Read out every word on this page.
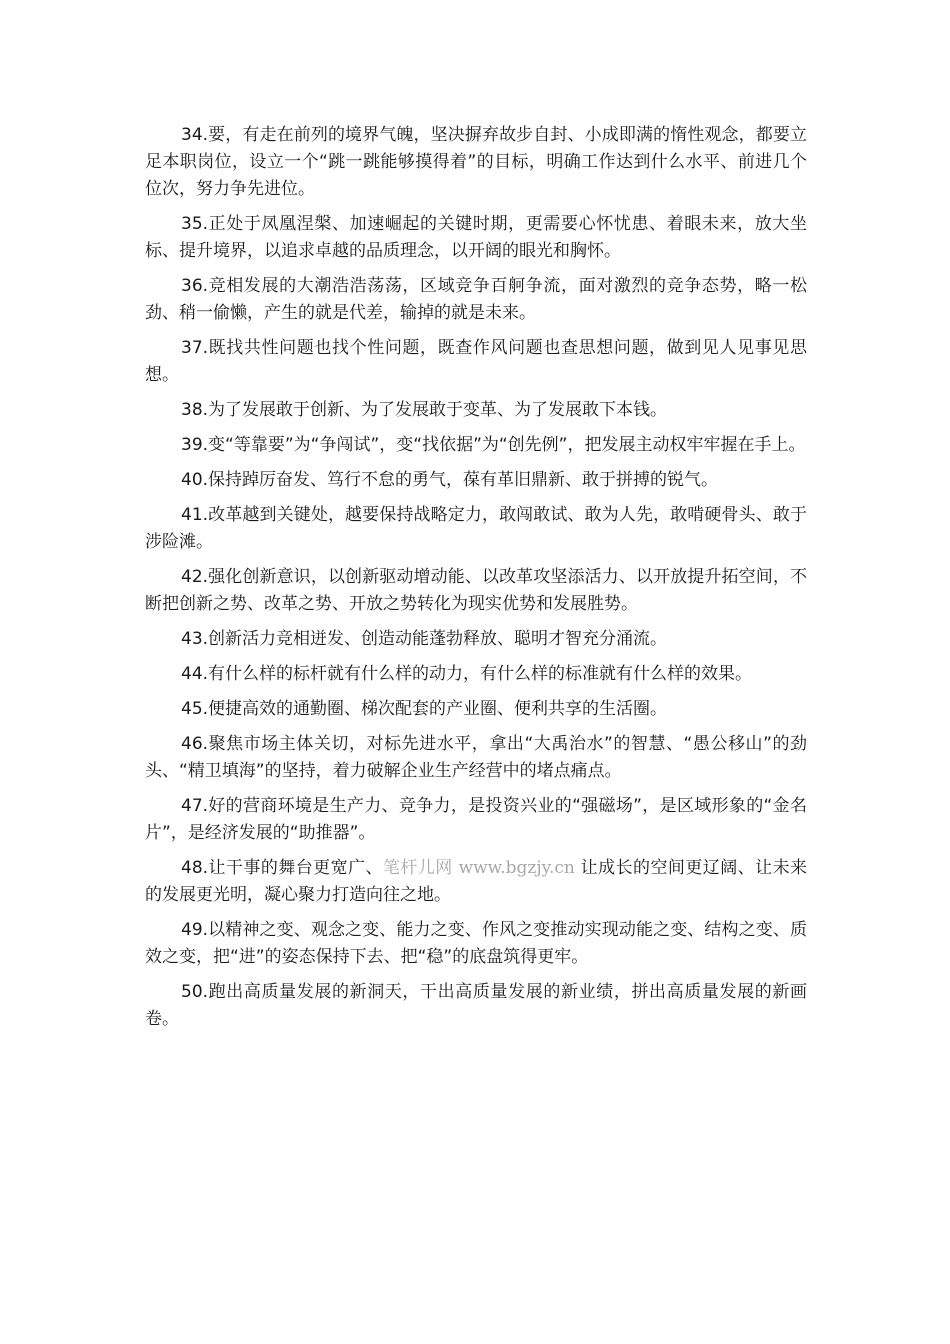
34.要，有走在前列的境界气魄，坚决摒弃故步自封、小成即满的惰性观念，都要立足本职岗位，设立一个“跳一跳能够摸得着”的目标，明确工作达到什么水平、前进几个位次，努力争先进位。

35.正处于凤凰涅槃、加速崛起的关键时期，更需要心怀忧患、着眼未来，放大坐标、提升境界，以追求卓越的品质理念，以开阔的眼光和胸怀。

36.竞相发展的大潮浩浩荡荡，区域竞争百舸争流，面对激烈的竞争态势，略一松劲、稍一偷懒，产生的就是代差，输掉的就是未来。

37.既找共性问题也找个性问题，既查作风问题也查思想问题，做到见人见事见思想。

38.为了发展敢于创新、为了发展敢于变革、为了发展敢下本钱。

39.变“等靠要”为“争闯试”，变“找依据”为“创先例”，把发展主动权牢牢握在手上。

40.保持踔厉奋发、笃行不怠的勇气，葆有革旧鼎新、敢于拼搏的锐气。

41.改革越到关键处，越要保持战略定力，敢闯敢试、敢为人先，敢啃硬骨头、敢于涉险滩。

42.强化创新意识，以创新驱动增动能、以改革攻坚添活力、以开放提升拓空间，不断把创新之势、改革之势、开放之势转化为现实优势和发展胜势。

43.创新活力竞相迸发、创造动能蓬勃释放、聪明才智充分涌流。

44.有什么样的标杆就有什么样的动力，有什么样的标准就有什么样的效果。

45.便捷高效的通勤圈、梯次配套的产业圈、便利共享的生活圈。

46.聚焦市场主体关切，对标先进水平，拿出“大禹治水”的智慧、“愚公移山”的劲头、“精卫填海”的坚持，着力破解企业生产经营中的堵点痛点。

47.好的营商环境是生产力、竞争力，是投资兴业的“强磁场”，是区域形象的“金名片”，是经济发展的“助推器”。

48.让干事的舞台更宽广、笔杆儿网 www.bgzjy.cn 让成长的空间更辽阔、让未来的发展更光明，凝心聚力打造向往之地。

49.以精神之变、观念之变、能力之变、作风之变推动实现动能之变、结构之变、质效之变，把“进”的姿态保持下去、把“稳”的底盘筑得更牢。

50.跑出高质量发展的新洞天，干出高质量发展的新业绩，拼出高质量发展的新画卷。
